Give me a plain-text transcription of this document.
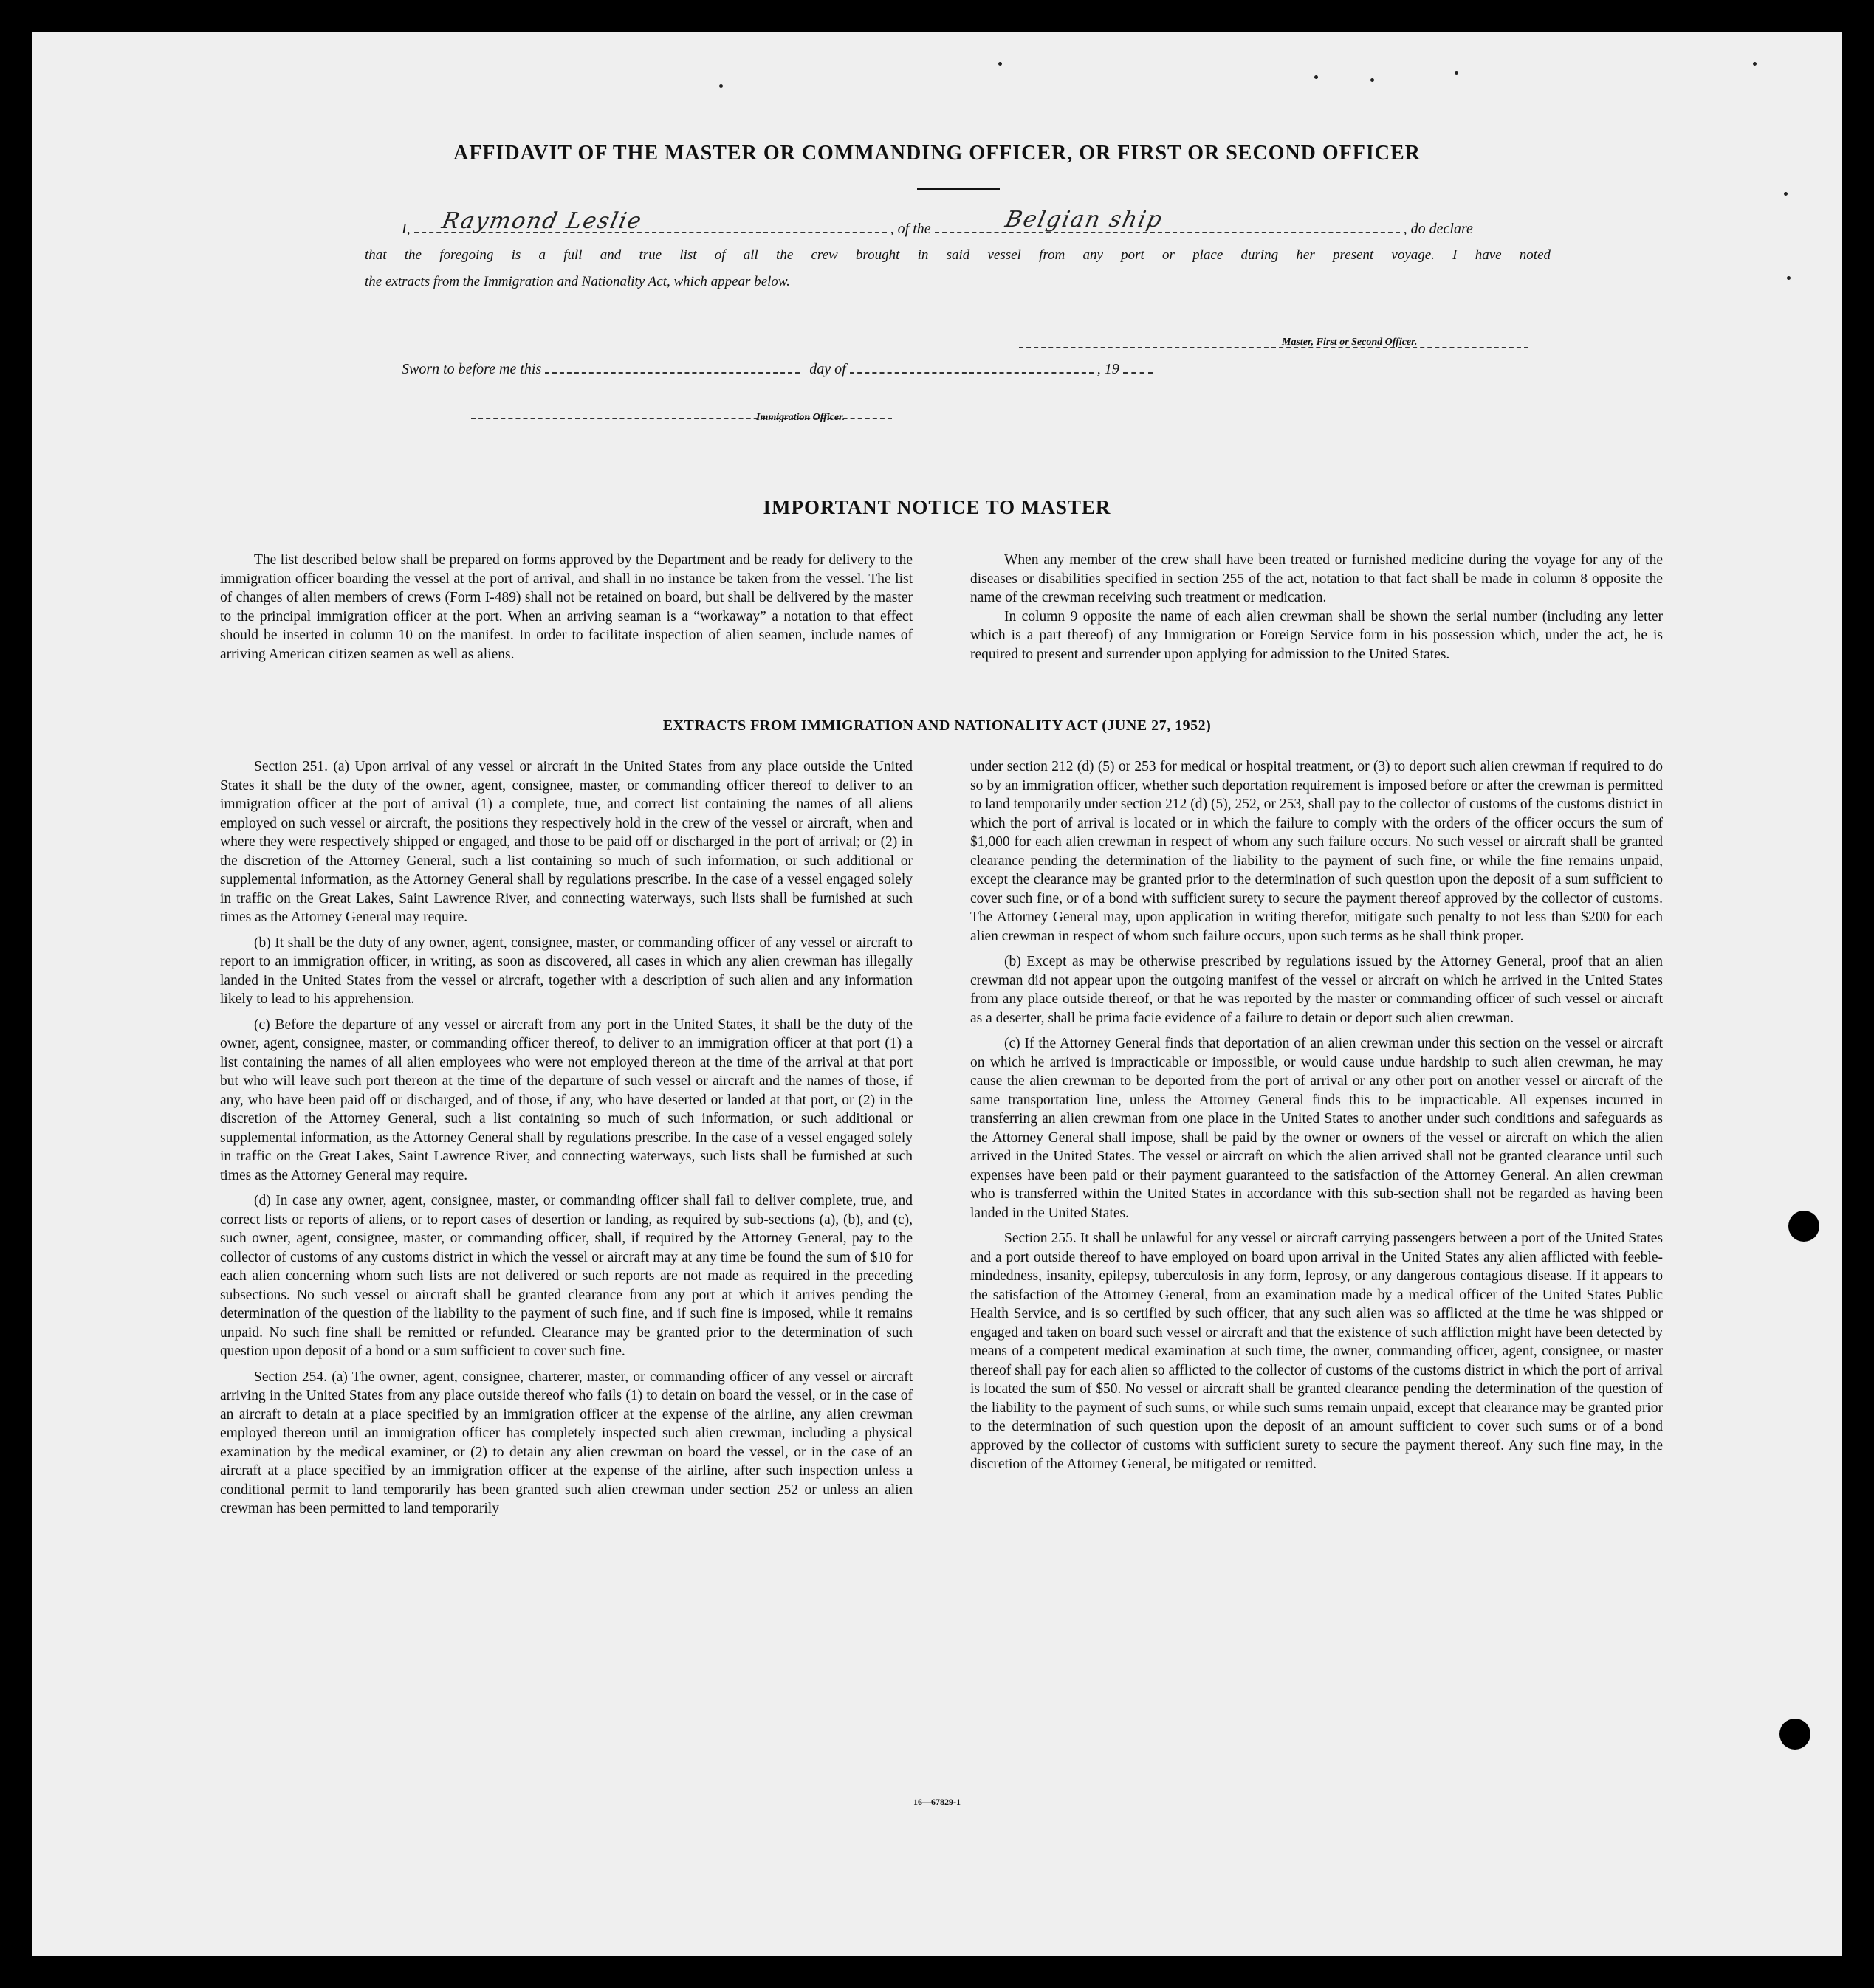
AFFIDAVIT OF THE MASTER OR COMMANDING OFFICER, OR FIRST OR SECOND OFFICER
I,	, of the	, do declare
Raymond Leslie	Belgian ship
that the foregoing is a full and true list of all the crew brought in said vessel from any port or place during her present voyage. I have noted
the extracts from the Immigration and Nationality Act, which appear below.
Master, First or Second Officer.
Sworn to before me this	day of	, 19
Immigration Officer.
IMPORTANT NOTICE TO MASTER

The list described below shall be prepared on forms approved by the Department and be ready for delivery to the immigration officer boarding the vessel at the port of arrival, and shall in no instance be taken from the vessel. The list of changes of alien members of crews (Form I-489) shall not be retained on board, but shall be delivered by the master to the principal immigration officer at the port. When an arriving seaman is a “workaway” a notation to that effect should be inserted in column 10 on the manifest. In order to facilitate inspection of alien seamen, include names of arriving American citizen seamen as well as aliens.

When any member of the crew shall have been treated or furnished medicine during the voyage for any of the diseases or disabilities specified in section 255 of the act, notation to that fact shall be made in column 8 opposite the name of the crewman receiving such treatment or medication.

In column 9 opposite the name of each alien crewman shall be shown the serial number (including any letter which is a part thereof) of any Immigration or Foreign Service form in his possession which, under the act, he is required to present and surrender upon applying for admission to the United States.

EXTRACTS FROM IMMIGRATION AND NATIONALITY ACT (JUNE 27, 1952)

Section 251. (a) Upon arrival of any vessel or aircraft in the United States from any place outside the United States it shall be the duty of the owner, agent, consignee, master, or commanding officer thereof to deliver to an immigration officer at the port of arrival (1) a complete, true, and correct list containing the names of all aliens employed on such vessel or aircraft, the positions they respectively hold in the crew of the vessel or aircraft, when and where they were respectively shipped or engaged, and those to be paid off or discharged in the port of arrival; or (2) in the discretion of the Attorney General, such a list containing so much of such information, or such additional or supplemental information, as the Attorney General shall by regulations prescribe. In the case of a vessel engaged solely in traffic on the Great Lakes, Saint Lawrence River, and connecting waterways, such lists shall be furnished at such times as the Attorney General may require.

(b) It shall be the duty of any owner, agent, consignee, master, or commanding officer of any vessel or aircraft to report to an immigration officer, in writing, as soon as discovered, all cases in which any alien crewman has illegally landed in the United States from the vessel or aircraft, together with a description of such alien and any information likely to lead to his apprehension.

(c) Before the departure of any vessel or aircraft from any port in the United States, it shall be the duty of the owner, agent, consignee, master, or commanding officer thereof, to deliver to an immigration officer at that port (1) a list containing the names of all alien employees who were not employed thereon at the time of the arrival at that port but who will leave such port thereon at the time of the departure of such vessel or aircraft and the names of those, if any, who have been paid off or discharged, and of those, if any, who have deserted or landed at that port, or (2) in the discretion of the Attorney General, such a list containing so much of such information, or such additional or supplemental information, as the Attorney General shall by regulations prescribe. In the case of a vessel engaged solely in traffic on the Great Lakes, Saint Lawrence River, and connecting waterways, such lists shall be furnished at such times as the Attorney General may require.

(d) In case any owner, agent, consignee, master, or commanding officer shall fail to deliver complete, true, and correct lists or reports of aliens, or to report cases of desertion or landing, as required by sub-sections (a), (b), and (c), such owner, agent, consignee, master, or commanding officer, shall, if required by the Attorney General, pay to the collector of customs of any customs district in which the vessel or aircraft may at any time be found the sum of $10 for each alien concerning whom such lists are not delivered or such reports are not made as required in the preceding subsections. No such vessel or aircraft shall be granted clearance from any port at which it arrives pending the determination of the question of the liability to the payment of such fine, and if such fine is imposed, while it remains unpaid. No such fine shall be remitted or refunded. Clearance may be granted prior to the determination of such question upon deposit of a bond or a sum sufficient to cover such fine.

Section 254. (a) The owner, agent, consignee, charterer, master, or commanding officer of any vessel or aircraft arriving in the United States from any place outside thereof who fails (1) to detain on board the vessel, or in the case of an aircraft to detain at a place specified by an immigration officer at the expense of the airline, any alien crewman employed thereon until an immigration officer has completely inspected such alien crewman, including a physical examination by the medical examiner, or (2) to detain any alien crewman on board the vessel, or in the case of an aircraft at a place specified by an immigration officer at the expense of the airline, after such inspection unless a conditional permit to land temporarily has been granted such alien crewman under section 252 or unless an alien crewman has been permitted to land temporarily

under section 212 (d) (5) or 253 for medical or hospital treatment, or (3) to deport such alien crewman if required to do so by an immigration officer, whether such deportation requirement is imposed before or after the crewman is permitted to land temporarily under section 212 (d) (5), 252, or 253, shall pay to the collector of customs of the customs district in which the port of arrival is located or in which the failure to comply with the orders of the officer occurs the sum of $1,000 for each alien crewman in respect of whom any such failure occurs. No such vessel or aircraft shall be granted clearance pending the determination of the liability to the payment of such fine, or while the fine remains unpaid, except the clearance may be granted prior to the determination of such question upon the deposit of a sum sufficient to cover such fine, or of a bond with sufficient surety to secure the payment thereof approved by the collector of customs. The Attorney General may, upon application in writing therefor, mitigate such penalty to not less than $200 for each alien crewman in respect of whom such failure occurs, upon such terms as he shall think proper.

(b) Except as may be otherwise prescribed by regulations issued by the Attorney General, proof that an alien crewman did not appear upon the outgoing manifest of the vessel or aircraft on which he arrived in the United States from any place outside thereof, or that he was reported by the master or commanding officer of such vessel or aircraft as a deserter, shall be prima facie evidence of a failure to detain or deport such alien crewman.

(c) If the Attorney General finds that deportation of an alien crewman under this section on the vessel or aircraft on which he arrived is impracticable or impossible, or would cause undue hardship to such alien crewman, he may cause the alien crewman to be deported from the port of arrival or any other port on another vessel or aircraft of the same transportation line, unless the Attorney General finds this to be impracticable. All expenses incurred in transferring an alien crewman from one place in the United States to another under such conditions and safeguards as the Attorney General shall impose, shall be paid by the owner or owners of the vessel or aircraft on which the alien arrived in the United States. The vessel or aircraft on which the alien arrived shall not be granted clearance until such expenses have been paid or their payment guaranteed to the satisfaction of the Attorney General. An alien crewman who is transferred within the United States in accordance with this sub-section shall not be regarded as having been landed in the United States.

Section 255. It shall be unlawful for any vessel or aircraft carrying passengers between a port of the United States and a port outside thereof to have employed on board upon arrival in the United States any alien afflicted with feeble-mindedness, insanity, epilepsy, tuberculosis in any form, leprosy, or any dangerous contagious disease. If it appears to the satisfaction of the Attorney General, from an examination made by a medical officer of the United States Public Health Service, and is so certified by such officer, that any such alien was so afflicted at the time he was shipped or engaged and taken on board such vessel or aircraft and that the existence of such affliction might have been detected by means of a competent medical examination at such time, the owner, commanding officer, agent, consignee, or master thereof shall pay for each alien so afflicted to the collector of customs of the customs district in which the port of arrival is located the sum of $50. No vessel or aircraft shall be granted clearance pending the determination of the question of the liability to the payment of such sums, or while such sums remain unpaid, except that clearance may be granted prior to the determination of such question upon the deposit of an amount sufficient to cover such sums or of a bond approved by the collector of customs with sufficient surety to secure the payment thereof. Any such fine may, in the discretion of the Attorney General, be mitigated or remitted.

16—67829-1
